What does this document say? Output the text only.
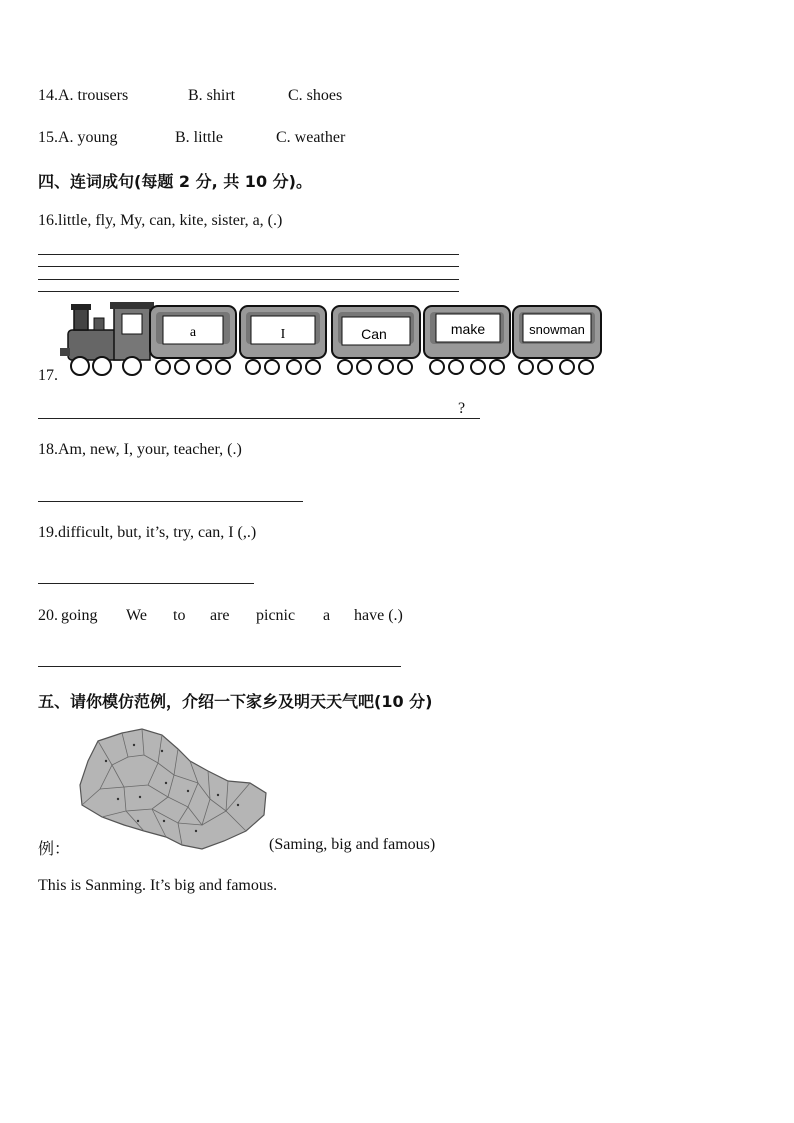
14.A. trousers	B. shirt	C. shoes
15.A. young	B. little	C. weather
四、连词成句(每题 2 分, 共 10 分)。
16.little, fly, My, can, kite, sister, a, (.)
17.
a	I	Can	make	snowman
?
18.Am, new, I, your, teacher, (.)
19.difficult, but, it’s, try, can, I (,.)
20. going We to are picnic a have (.)
五、请你模仿范例，介绍一下家乡及明天天气吧(10 分)
例：	(Saming, big and famous)
This is Sanming. It’s big and famous.
